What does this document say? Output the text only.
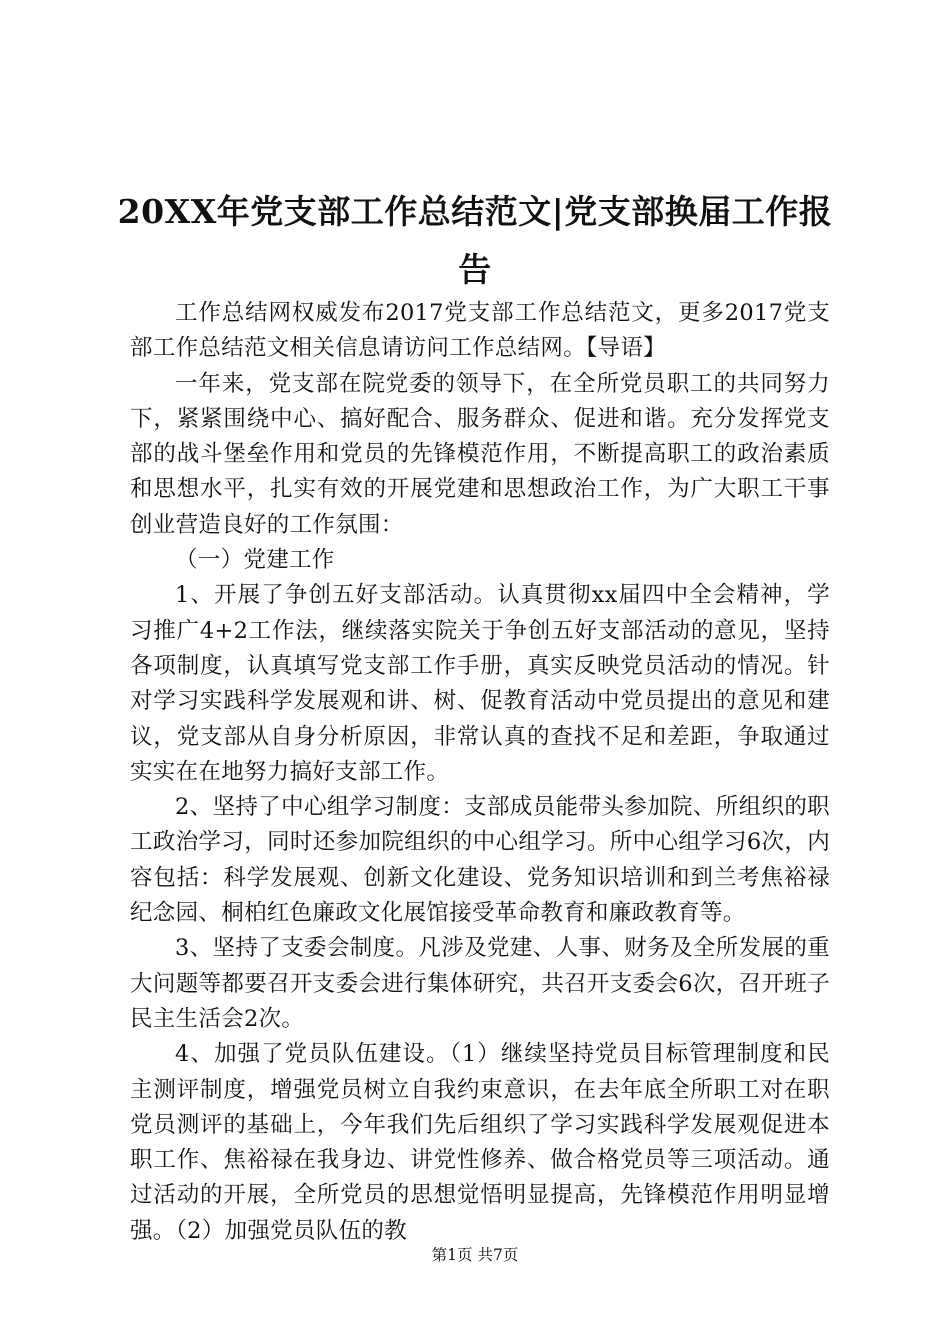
20XX年党支部工作总结范文|党支部换届工作报告

工作总结网权威发布2017党支部工作总结范文，更多2017党支部工作总结范文相关信息请访问工作总结网。【导语】

一年来，党支部在院党委的领导下，在全所党员职工的共同努力下，紧紧围绕中心、搞好配合、服务群众、促进和谐。充分发挥党支部的战斗堡垒作用和党员的先锋模范作用，不断提高职工的政治素质和思想水平，扎实有效的开展党建和思想政治工作，为广大职工干事创业营造良好的工作氛围：

（一）党建工作

1、开展了争创五好支部活动。认真贯彻xx届四中全会精神，学习推广4+2工作法，继续落实院关于争创五好支部活动的意见，坚持各项制度，认真填写党支部工作手册，真实反映党员活动的情况。针对学习实践科学发展观和讲、树、促教育活动中党员提出的意见和建议，党支部从自身分析原因，非常认真的查找不足和差距，争取通过实实在在地努力搞好支部工作。

2、坚持了中心组学习制度：支部成员能带头参加院、所组织的职工政治学习，同时还参加院组织的中心组学习。所中心组学习6次，内容包括：科学发展观、创新文化建设、党务知识培训和到兰考焦裕禄纪念园、桐柏红色廉政文化展馆接受革命教育和廉政教育等。

3、坚持了支委会制度。凡涉及党建、人事、财务及全所发展的重大问题等都要召开支委会进行集体研究，共召开支委会6次，召开班子民主生活会2次。

4、加强了党员队伍建设。（1）继续坚持党员目标管理制度和民主测评制度，增强党员树立自我约束意识，在去年底全所职工对在职党员测评的基础上，今年我们先后组织了学习实践科学发展观促进本职工作、焦裕禄在我身边、讲党性修养、做合格党员等三项活动。通过活动的开展，全所党员的思想觉悟明显提高，先锋模范作用明显增强。（2）加强党员队伍的教

第1页 共7页
